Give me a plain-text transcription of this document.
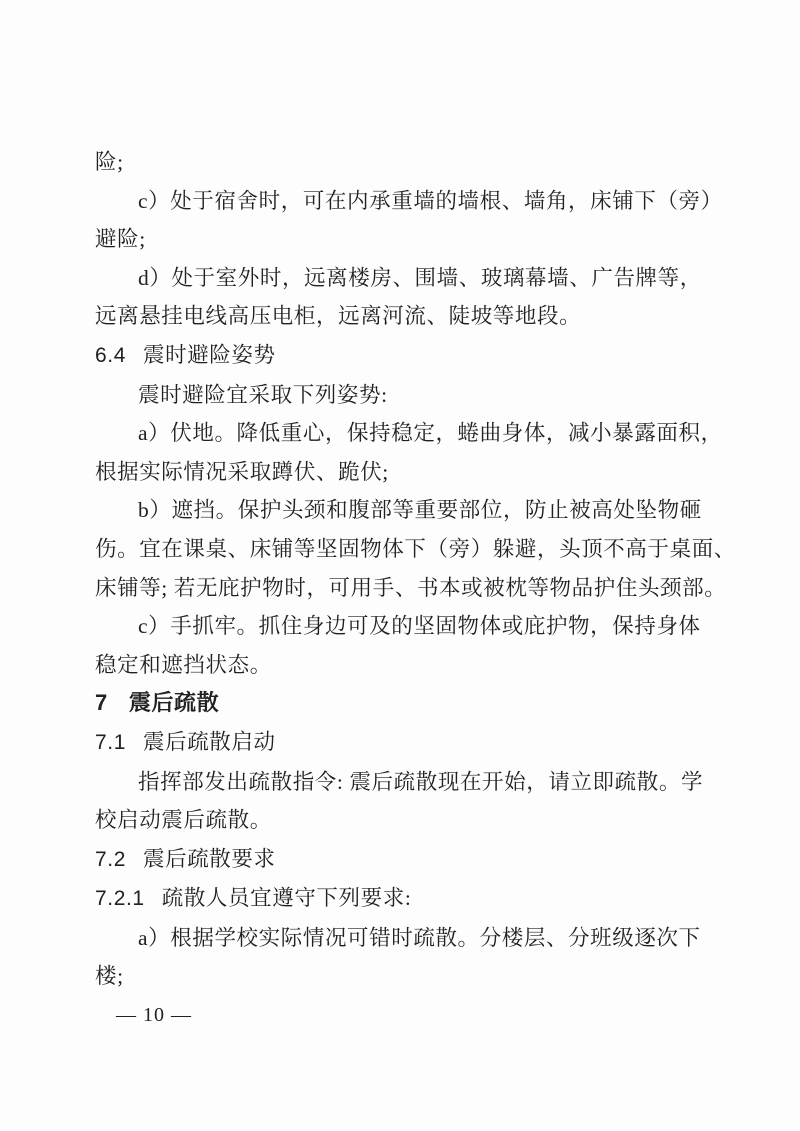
险;
c）处于宿舍时，可在内承重墙的墙根、墙角，床铺下（旁）
避险;
d）处于室外时，远离楼房、围墙、玻璃幕墙、广告牌等，
远离悬挂电线高压电柜，远离河流、陡坡等地段。
6.4 震时避险姿势
震时避险宜采取下列姿势:
a）伏地。降低重心，保持稳定，蜷曲身体，减小暴露面积，
根据实际情况采取蹲伏、跪伏;
b）遮挡。保护头颈和腹部等重要部位，防止被高处坠物砸
伤。宜在课桌、床铺等坚固物体下（旁）躲避，头顶不高于桌面、
床铺等; 若无庇护物时，可用手、书本或被枕等物品护住头颈部。
c）手抓牢。抓住身边可及的坚固物体或庇护物，保持身体
稳定和遮挡状态。
7 震后疏散
7.1 震后疏散启动
指挥部发出疏散指令: 震后疏散现在开始，请立即疏散。学
校启动震后疏散。
7.2 震后疏散要求
7.2.1 疏散人员宜遵守下列要求:
a）根据学校实际情况可错时疏散。分楼层、分班级逐次下
楼;
— 10 —
